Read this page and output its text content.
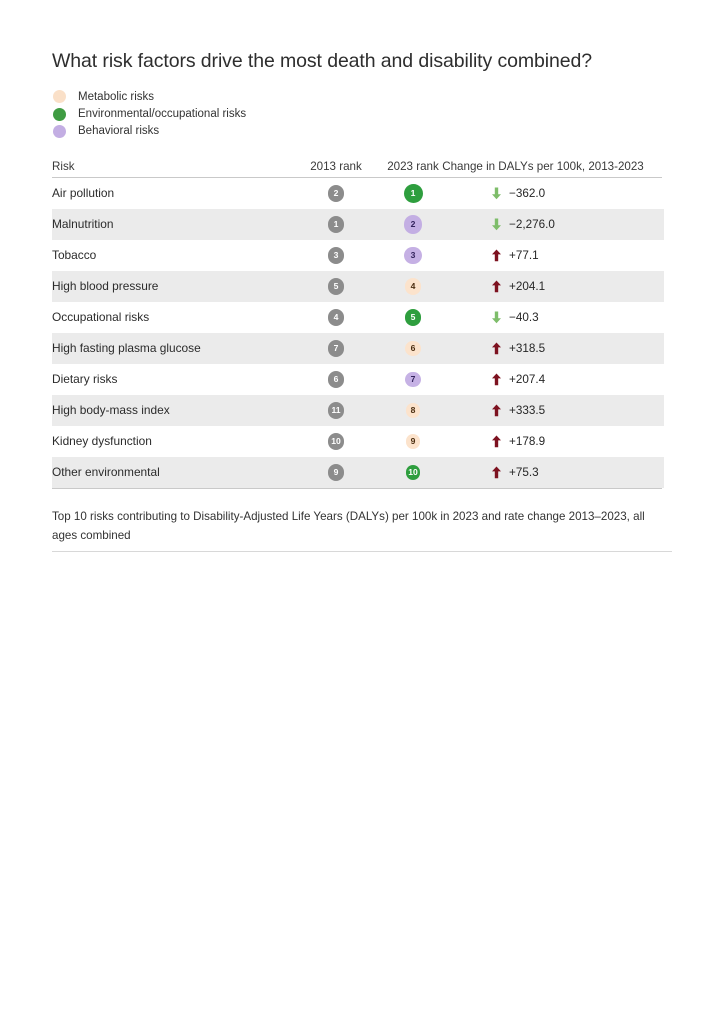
What risk factors drive the most death and disability combined?
Metabolic risks
Environmental/occupational risks
Behavioral risks
Risk	2013 rank	2023 rank Change in DALYs per 100k, 2013-2023
Air pollution	2	1	−362.0
Malnutrition	1	2	−2,276.0
Tobacco	3	3	+77.1
High blood pressure	5	4	+204.1
Occupational risks	4	5	−40.3
High fasting plasma glucose	7	6	+318.5
Dietary risks	6	7	+207.4
High body-mass index	11	8	+333.5
Kidney dysfunction	10	9	+178.9
Other environmental	9	10	+75.3
Top 10 risks contributing to Disability-Adjusted Life Years (DALYs) per 100k in 2023 and rate change 2013–2023, all ages combined
